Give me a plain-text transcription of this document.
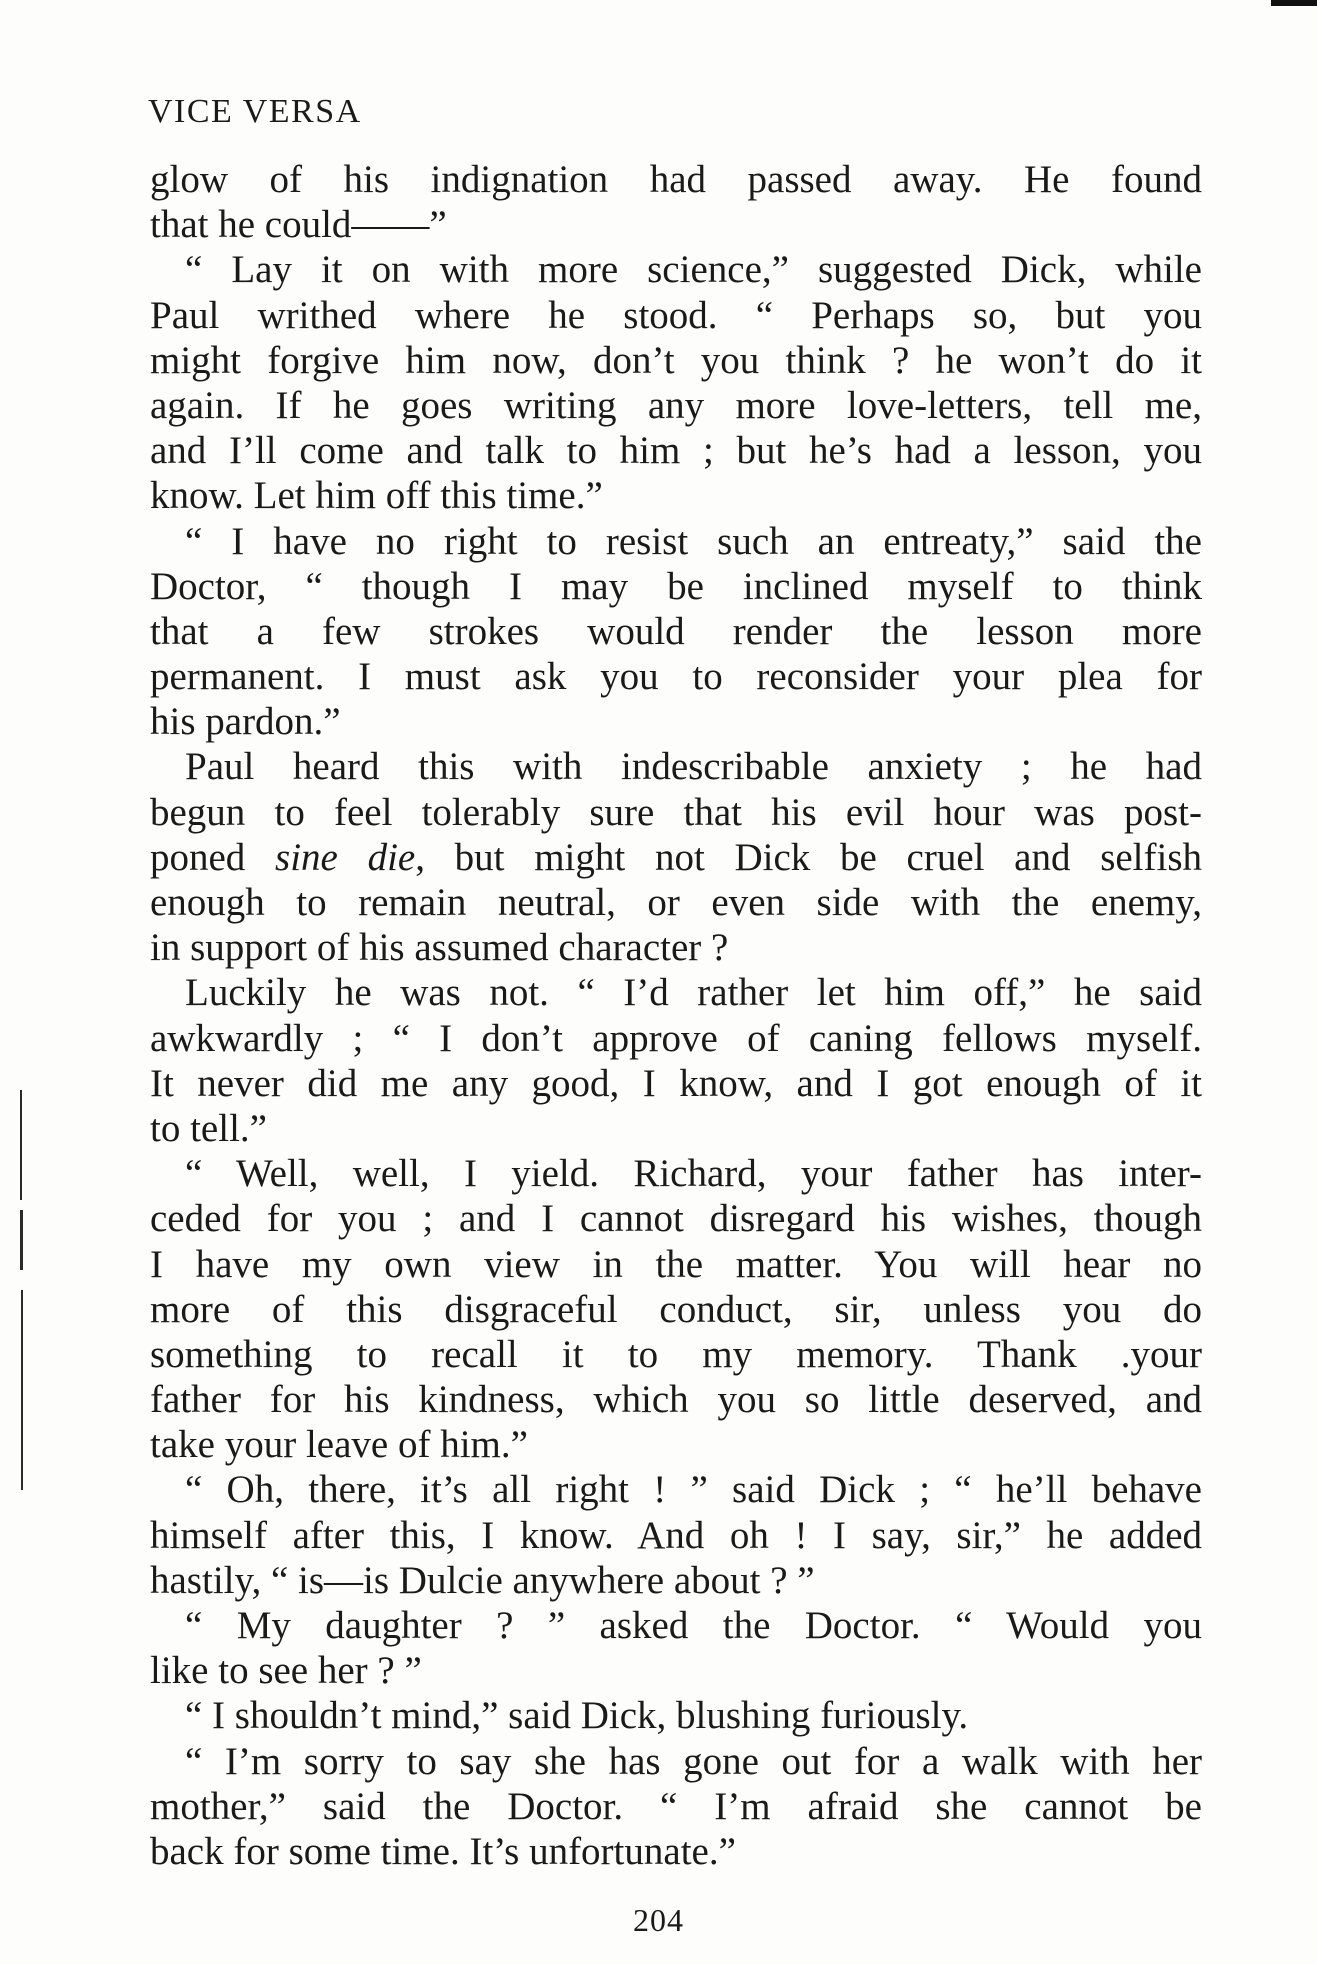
VICE VERSA
glow of his indignation had passed away. He found
that he could——”
“ Lay it on with more science,” suggested Dick, while
Paul writhed where he stood. “ Perhaps so, but you
might forgive him now, don’t you think ? he won’t do it
again. If he goes writing any more love-letters, tell me,
and I’ll come and talk to him ; but he’s had a lesson, you
know. Let him off this time.”
“ I have no right to resist such an entreaty,” said the
Doctor, “ though I may be inclined myself to think
that a few strokes would render the lesson more
permanent. I must ask you to reconsider your plea for
his pardon.”
Paul heard this with indescribable anxiety ; he had
begun to feel tolerably sure that his evil hour was post-
poned sine die, but might not Dick be cruel and selfish
enough to remain neutral, or even side with the enemy,
in support of his assumed character ?
Luckily he was not. “ I’d rather let him off,” he said
awkwardly ; “ I don’t approve of caning fellows myself.
It never did me any good, I know, and I got enough of it
to tell.”
“ Well, well, I yield. Richard, your father has inter-
ceded for you ; and I cannot disregard his wishes, though
I have my own view in the matter. You will hear no
more of this disgraceful conduct, sir, unless you do
something to recall it to my memory. Thank .your
father for his kindness, which you so little deserved, and
take your leave of him.”
“ Oh, there, it’s all right ! ” said Dick ; “ he’ll behave
himself after this, I know. And oh ! I say, sir,” he added
hastily, “ is—is Dulcie anywhere about ? ”
“ My daughter ? ” asked the Doctor. “ Would you
like to see her ? ”
“ I shouldn’t mind,” said Dick, blushing furiously.
“ I’m sorry to say she has gone out for a walk with her
mother,” said the Doctor. “ I’m afraid she cannot be
back for some time. It’s unfortunate.”
204
